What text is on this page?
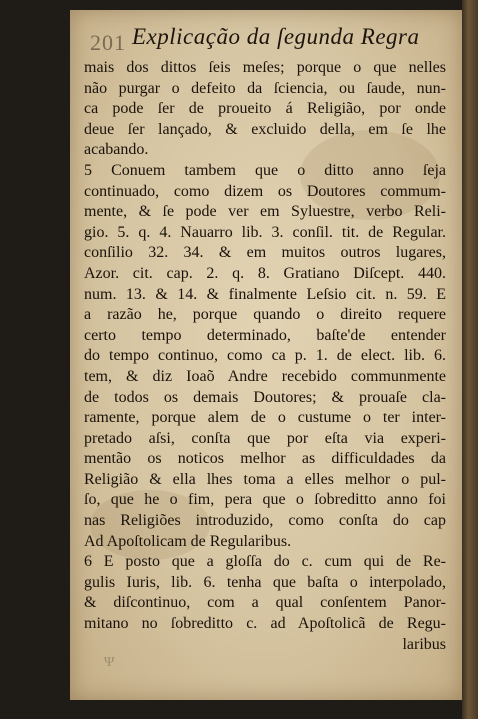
201 Explicação da ſegunda Regra
mais dos dittos ſeis meſes; porque o que nelles
não purgar o defeito da ſciencia, ou ſaude, nun-
ca pode ſer de proueito á Religião, por onde
deue ſer lançado, & excluido della, em ſe lhe
acabando.
5 Conuem tambem que o ditto anno ſeja
continuado, como dizem os Doutores commum-
mente, & ſe pode ver em Syluestre, verbo Reli-
gio. 5. q. 4. Nauarro lib. 3. conſil. tit. de Regular.
conſilio 32. 34. & em muitos outros lugares,
Azor. cit. cap. 2. q. 8. Gratiano Diſcept. 440.
num. 13. & 14. & finalmente Leſsio cit. n. 59. E
a razão he, porque quando o direito requere
certo tempo determinado, baſte'de entender
do tempo continuo, como ca p. 1. de elect. lib. 6.
tem, & diz Ioaõ Andre recebido communmente
de todos os demais Doutores; & prouaſe cla-
ramente, porque alem de o custume o ter inter-
pretado aſsi, conſta que por eſta via experi-
mentão os noticos melhor as difficuldades da
Religião & ella lhes toma a elles melhor o pul-
ſo, que he o fim, pera que o ſobreditto anno foi
nas Religiões introduzido, como conſta do cap
Ad Apoſtolicam de Regularibus.
6 E posto que a gloſſa do c. cum qui de Re-
gulis Iuris, lib. 6. tenha que baſta o interpolado,
& diſcontinuo, com a qual conſentem Panor-
mitano no ſobreditto c. ad Apoſtolicã de Regu-
laribus
Ψ
